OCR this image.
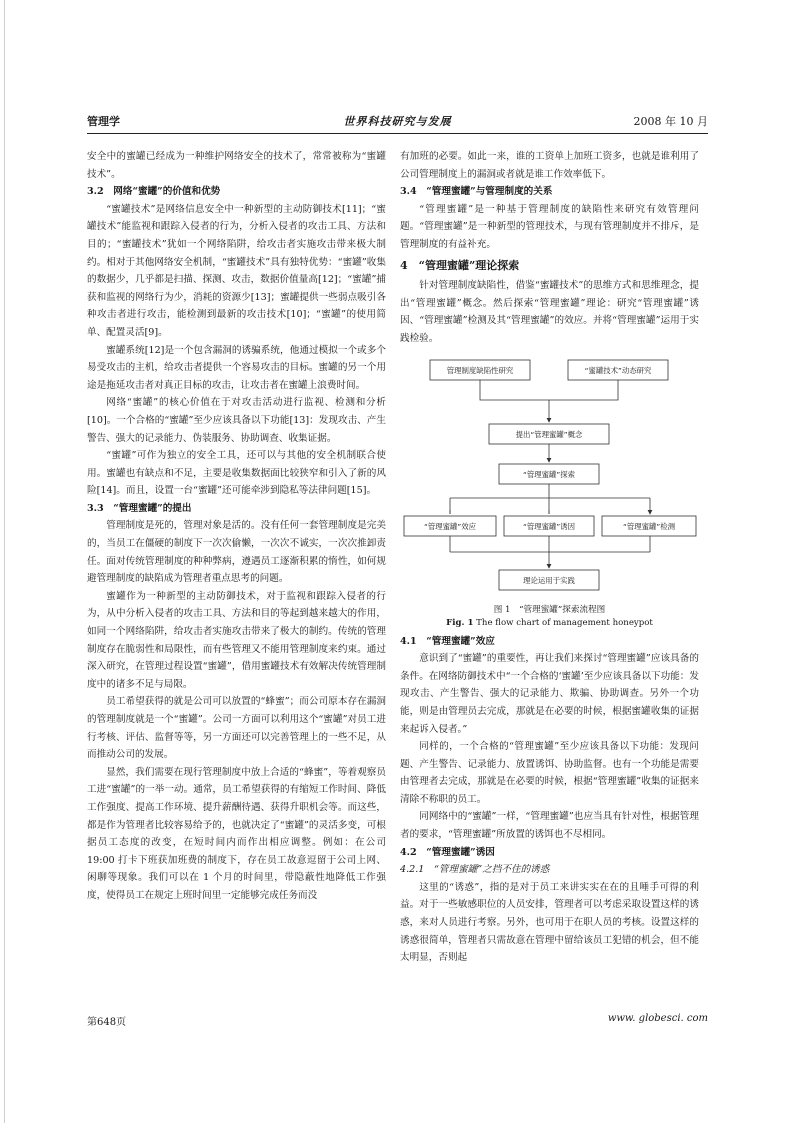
管理学	世界科技研究与发展	2008 年 10 月

安全中的蜜罐已经成为一种维护网络安全的技术了，常常被称为“蜜罐技术”。

3.2　网络“蜜罐”的价值和优势

“蜜罐技术”是网络信息安全中一种新型的主动防御技术[11]；“蜜罐技术”能监视和跟踪入侵者的行为，分析入侵者的攻击工具、方法和目的；“蜜罐技术”犹如一个网络陷阱，给攻击者实施攻击带来极大制约。相对于其他网络安全机制，“蜜罐技术”具有独特优势：“蜜罐”收集的数据少，几乎都是扫描、探测、攻击，数据价值量高[12]；“蜜罐”捕获和监视的网络行为少，消耗的资源少[13]；蜜罐提供一些弱点吸引各种攻击者进行攻击，能检测到最新的攻击技术[10]；“蜜罐”的使用简单、配置灵活[9]。

蜜罐系统[12]是一个包含漏洞的诱骗系统，他通过模拟一个或多个易受攻击的主机，给攻击者提供一个容易攻击的目标。蜜罐的另一个用途是拖延攻击者对真正目标的攻击，让攻击者在蜜罐上浪费时间。

网络“蜜罐”的核心价值在于对攻击活动进行监视、检测和分析[10]。一个合格的“蜜罐”至少应该具备以下功能[13]：发现攻击、产生警告、强大的记录能力、伪装服务、协助调查、收集证据。

“蜜罐”可作为独立的安全工具，还可以与其他的安全机制联合使用。蜜罐也有缺点和不足，主要是收集数据面比较狭窄和引入了新的风险[14]。而且，设置一台“蜜罐”还可能牵涉到隐私等法律问题[15]。

3.3　“管理蜜罐”的提出

管理制度是死的，管理对象是活的。没有任何一套管理制度是完美的，当员工在僵硬的制度下一次次偷懒，一次次不诚实，一次次推卸责任。面对传统管理制度的种种弊病，遵遇员工逐渐积累的惰性，如何规避管理制度的缺陷成为管理者重点思考的问题。

蜜罐作为一种新型的主动防御技术，对于监视和跟踪入侵者的行为，从中分析入侵者的攻击工具、方法和目的等起到越来越大的作用，如同一个网络陷阱，给攻击者实施攻击带来了极大的制约。传统的管理制度存在脆弱性和局限性，而有些管理又不能用管理制度来约束。通过深入研究，在管理过程设置“蜜罐”，借用蜜罐技术有效解决传统管理制度中的诸多不足与局限。

员工希望获得的就是公司可以放置的“蜂蜜”；而公司原本存在漏洞的管理制度就是一个“蜜罐”。公司一方面可以利用这个“蜜罐”对员工进行考核、评估、监督等等，另一方面还可以完善管理上的一些不足，从而推动公司的发展。

显然，我们需要在现行管理制度中放上合适的“蜂蜜”，等着观察员工进“蜜罐”的一举一动。通常，员工希望获得的有缩短工作时间、降低工作强度、提高工作环境、提升薪酬待遇、获得升职机会等。而这些，都是作为管理者比较容易给予的，也就决定了“蜜罐”的灵活多变，可根据员工态度的改变，在短时间内而作出相应调整。例如：在公司 19:00 打卡下班获加班费的制度下，存在员工故意逗留于公司上网、闲聊等现象。我们可以在 1 个月的时间里，带隐蔽性地降低工作强度，使得员工在规定上班时间里一定能够完成任务而没

有加班的必要。如此一来，谁的工资单上加班工资多，也就是谁利用了公司管理制度上的漏洞或者就是谁工作效率低下。

3.4　“管理蜜罐”与管理制度的关系

“管理蜜罐”是一种基于管理制度的缺陷性来研究有效管理问题。“管理蜜罐”是一种新型的管理技术，与现有管理制度并不排斥，是管理制度的有益补充。

4　“管理蜜罐”理论探索

针对管理制度缺陷性，借鉴“蜜罐技术”的思维方式和思维理念，提出“管理蜜罐”概念。然后探索“管理蜜罐”理论：研究“管理蜜罐”诱因、“管理蜜罐”检测及其“管理蜜罐”的效应。并将“管理蜜罐”运用于实践检验。

管理制度缺陷性研究	“蜜罐技术”动态研究
提出“管理蜜罐”概念
“管理蜜罐”探索
“管理蜜罐”效应	“管理蜜罐”诱因	“管理蜜罐”检测
理论运用于实践

图 1　“管理蜜罐”探索流程图

Fig. 1 The flow chart of management honeypot

4.1　“管理蜜罐”效应

意识到了“蜜罐”的重要性，再让我们来探讨“管理蜜罐”应该具备的条件。在网络防御技术中“一个合格的‘蜜罐’至少应该具备以下功能：发现攻击、产生警告、强大的记录能力、欺骗、协助调查。另外一个功能，则是由管理员去完成，那就是在必要的时候，根据蜜罐收集的证据来起诉入侵者。”

同样的，一个合格的“管理蜜罐”至少应该具备以下功能：发现问题、产生警告、记录能力、放置诱饵、协助监督。也有一个功能是需要由管理者去完成，那就是在必要的时候，根据“管理蜜罐”收集的证据来清除不称职的员工。

同网络中的“蜜罐”一样，“管理蜜罐”也应当具有针对性，根据管理者的要求，“管理蜜罐”所放置的诱饵也不尽相同。

4.2　“管理蜜罐”诱因

4.2.1　“管理蜜罐”之挡不住的诱惑

这里的“诱惑”，指的是对于员工来讲实实在在的且唾手可得的利益。对于一些敏感职位的人员安排，管理者可以考虑采取设置这样的诱惑，来对人员进行考察。另外，也可用于在职人员的考核。设置这样的诱惑很简单，管理者只需故意在管理中留给该员工犯错的机会，但不能太明显，否则起

第648页	www. globesci. com
